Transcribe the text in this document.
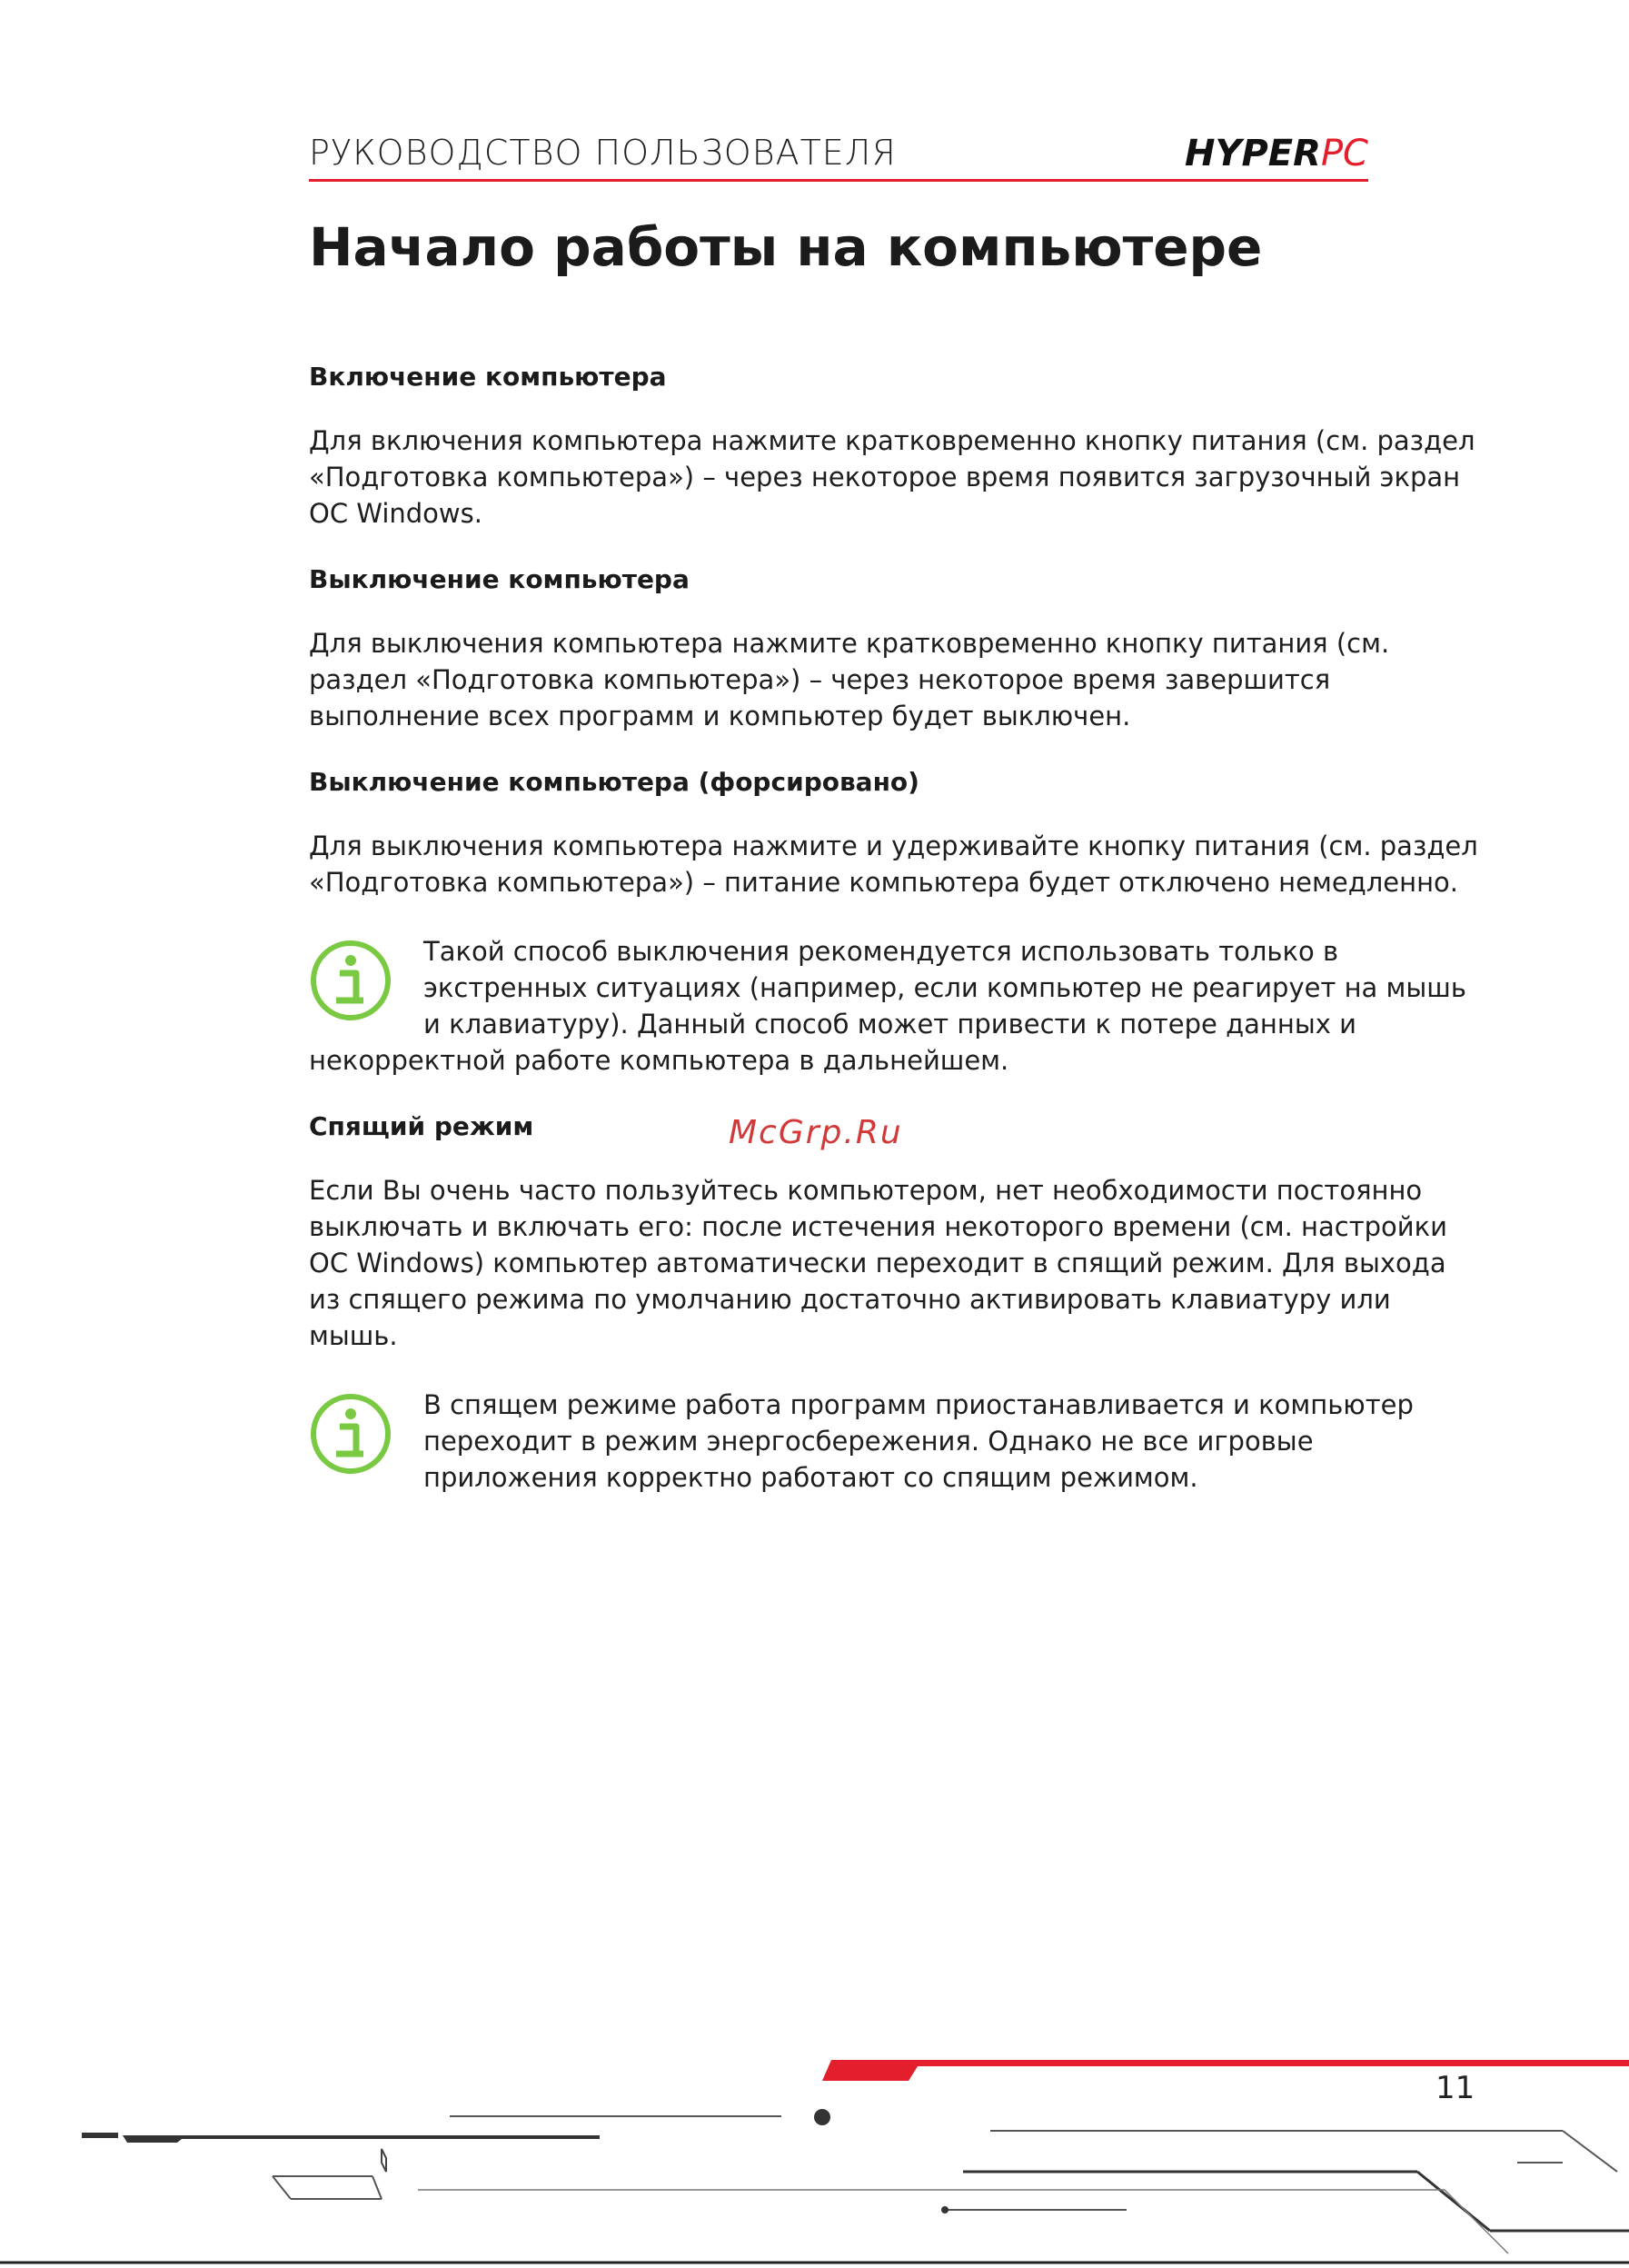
РУКОВОДСТВО ПОЛЬЗОВАТЕЛЯ	HYPERPC
Начало работы на компьютере
Включение компьютера

Для включения компьютера нажмите кратковременно кнопку питания (см. раздел «Подготовка компьютера») – через некоторое время появится загрузочный экран ОС Windows.

Выключение компьютера

Для выключения компьютера нажмите кратковременно кнопку питания (см. раздел «Подготовка компьютера») – через некоторое время завершится выполнение всех программ и компьютер будет выключен.

Выключение компьютера (форсировано)

Для выключения компьютера нажмите и удерживайте кнопку питания (см. раздел «Подготовка компьютера») – питание компьютера будет отключено немедленно.

Такой способ выключения рекомендуется использовать только в экстренных ситуациях (например, если компьютер не реагирует на мышь и клавиатуру). Данный способ может привести к потере данных и

некорректной работе компьютера в дальнейшем.

Спящий режим

Если Вы очень часто пользуйтесь компьютером, нет необходимости постоянно выключать и включать его: после истечения некоторого времени (см. настройки ОС Windows) компьютер автоматически переходит в спящий режим. Для выхода из спящего режима по умолчанию достаточно активировать клавиатуру или мышь.

В спящем режиме работа программ приостанавливается и компьютер переходит в режим энергосбережения. Однако не все игровые приложения корректно работают со спящим режимом.

McGrp.Ru
11
